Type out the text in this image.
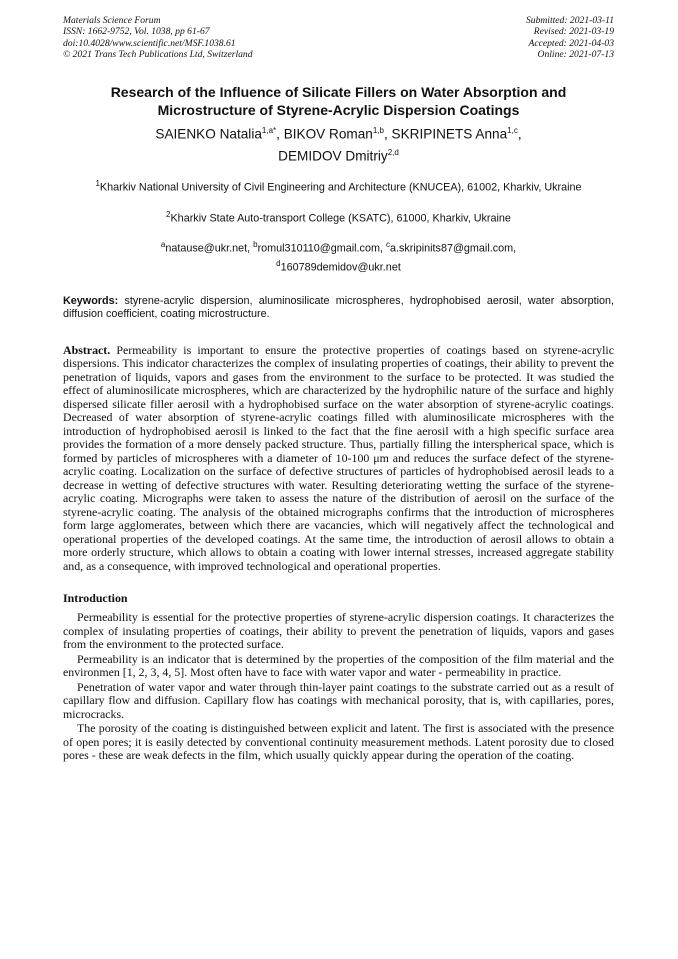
Materials Science Forum
ISSN: 1662-9752, Vol. 1038, pp 61-67
doi:10.4028/www.scientific.net/MSF.1038.61
© 2021 Trans Tech Publications Ltd, Switzerland
Submitted: 2021-03-11
Revised: 2021-03-19
Accepted: 2021-04-03
Online: 2021-07-13
Research of the Influence of Silicate Fillers on Water Absorption and Microstructure of Styrene-Acrylic Dispersion Coatings
SAIENKO Natalia$^{1,a*}$, BIKOV Roman$^{1,b}$, SKRIPINETS Anna$^{1,c}$,
DEMIDOV Dmitriy$^{2,d}$
$^1$Kharkiv National University of Civil Engineering and Architecture (KNUCEA), 61002, Kharkiv, Ukraine
$^2$Kharkiv State Auto-transport College (KSATC), 61000, Kharkiv, Ukraine
$^a$natause@ukr.net, $^b$romul310110@gmail.com, $^c$a.skripinits87@gmail.com,
$^d$160789demidov@ukr.net
Keywords: styrene-acrylic dispersion, aluminosilicate microspheres, hydrophobised aerosil, water absorption, diffusion coefficient, coating microstructure.
Abstract. Permeability is important to ensure the protective properties of coatings based on styrene-acrylic dispersions. This indicator characterizes the complex of insulating properties of coatings, their ability to prevent the penetration of liquids, vapors and gases from the environment to the surface to be protected. It was studied the effect of aluminosilicate microspheres, which are characterized by the hydrophilic nature of the surface and highly dispersed silicate filler aerosil with a hydrophobised surface on the water absorption of styrene-acrylic coatings. Decreased of water absorption of styrene-acrylic coatings filled with aluminosilicate microspheres with the introduction of hydrophobised aerosil is linked to the fact that the fine aerosil with a high specific surface area provides the formation of a more densely packed structure. Thus, partially filling the interspherical space, which is formed by particles of microspheres with a diameter of 10-100 μm and reduces the surface defect of the styrene-acrylic coating. Localization on the surface of defective structures of particles of hydrophobised aerosil leads to a decrease in wetting of defective structures with water. Resulting deteriorating wetting the surface of the styrene-acrylic coating. Micrographs were taken to assess the nature of the distribution of aerosil on the surface of the styrene-acrylic coating. The analysis of the obtained micrographs confirms that the introduction of microspheres form large agglomerates, between which there are vacancies, which will negatively affect the technological and operational properties of the developed coatings. At the same time, the introduction of aerosil allows to obtain a more orderly structure, which allows to obtain a coating with lower internal stresses, increased aggregate stability and, as a consequence, with improved technological and operational properties.
Introduction

Permeability is essential for the protective properties of styrene-acrylic dispersion coatings. It characterizes the complex of insulating properties of coatings, their ability to prevent the penetration of liquids, vapors and gases from the environment to the protected surface.

Permeability is an indicator that is determined by the properties of the composition of the film material and the environmen [1, 2, 3, 4, 5]. Most often have to face with water vapor and water - permeability in practice.

Penetration of water vapor and water through thin-layer paint coatings to the substrate carried out as a result of capillary flow and diffusion. Capillary flow has coatings with mechanical porosity, that is, with capillaries, pores, microcracks.

The porosity of the coating is distinguished between explicit and latent. The first is associated with the presence of open pores; it is easily detected by conventional continuity measurement methods. Latent porosity due to closed pores - these are weak defects in the film, which usually quickly appear during the operation of the coating.
